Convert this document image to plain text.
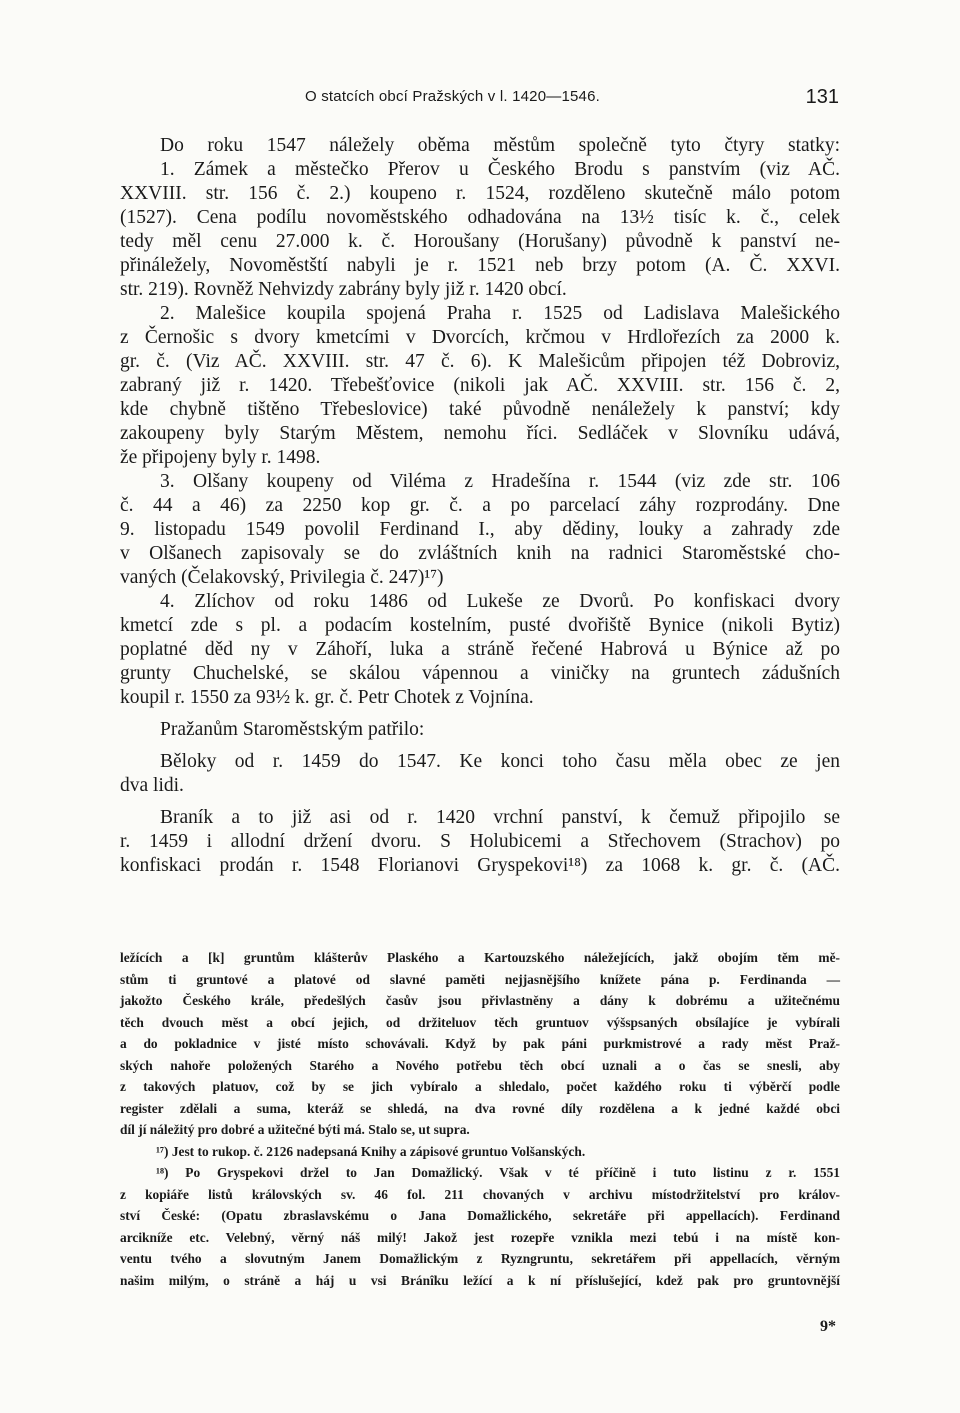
O statcích obcí Pražských v l. 1420—1546.	131
Do roku 1547 náležely oběma městům společně tyto čtyry statky:
1. Zámek a městečko Přerov u Českého Brodu s panstvím (viz AČ.
XXVIII. str. 156 č. 2.) koupeno r. 1524, rozděleno skutečně málo potom
(1527). Cena podílu novoměstského odhadována na 13½ tisíc k. č., celek
tedy měl cenu 27.000 k. č. Horoušany (Horušany) původně k panství ne-
přináležely, Novoměstští nabyli je r. 1521 neb brzy potom (A. Č. XXVI.
str. 219). Rovněž Nehvizdy zabrány byly již r. 1420 obcí.
2. Malešice koupila spojená Praha r. 1525 od Ladislava Malešického
z Černošic s dvory kmetcími v Dvorcích, krčmou v Hrdlořezích za 2000 k.
gr. č. (Viz AČ. XXVIII. str. 47 č. 6). K Malešicům připojen též Dobroviz,
zabraný již r. 1420. Třebešťovice (nikoli jak AČ. XXVIII. str. 156 č. 2,
kde chybně tištěno Třebeslovice) také původně nenáležely k panství; kdy
zakoupeny byly Starým Městem, nemohu říci. Sedláček v Slovníku udává,
že připojeny byly r. 1498.
3. Olšany koupeny od Viléma z Hradešína r. 1544 (viz zde str. 106
č. 44 a 46) za 2250 kop gr. č. a po parcelací záhy rozprodány. Dne
9. listopadu 1549 povolil Ferdinand I., aby dědiny, louky a zahrady zde
v Olšanech zapisovaly se do zvláštních knih na radnici Staroměstské cho-
vaných (Čelakovský, Privilegia č. 247)¹⁷)
4. Zlíchov od roku 1486 od Lukeše ze Dvorů. Po konfiskaci dvory
kmetcí zde s pl. a podacím kostelním, pusté dvořiště Bynice (nikoli Bytiz)
poplatné děd ny v Záhoří, luka a stráně řečené Habrová u Býnice až po
grunty Chuchelské, se skálou vápennou a viničky na gruntech zádušních
koupil r. 1550 za 93½ k. gr. č. Petr Chotek z Vojnína.
Pražanům Staroměstským patřilo:
Běloky od r. 1459 do 1547. Ke konci toho času měla obec ze jen
dva lidi.
Braník a to již asi od r. 1420 vrchní panství, k čemuž připojilo se
r. 1459 i allodní držení dvoru. S Holubicemi a Střechovem (Strachov) po
konfiskaci prodán r. 1548 Florianovi Gryspekovi¹⁸) za 1068 k. gr. č. (AČ.
ležících a [k] gruntům klášterův Plaského a Kartouzského náležejících, jakž obojím těm mě-
stům ti gruntové a platové od slavné paměti nejjasnějšího knížete pána p. Ferdinanda —
jakožto Českého krále, předešlých časův jsou přivlastněny a dány k dobrému a užitečnému
těch dvouch měst a obcí jejich, od držiteluov těch gruntuov výšspsaných obsílajíce je vybírali
a do pokladnice v jisté místo schovávali. Když by pak páni purkmistrové a rady měst Praž-
ských nahoře položených Starého a Nového potřebu těch obcí uznali a o čas se snesli, aby
z takových platuov, což by se jich vybíralo a shledalo, počet každého roku ti výběrčí podle
register zdělali a suma, kteráž se shledá, na dva rovné díly rozdělena a k jedné každé obci
díl jí náležitý pro dobré a užitečné býti má. Stalo se, ut supra.
¹⁷) Jest to rukop. č. 2126 nadepsaná Knihy a zápisové gruntuo Volšanských.
¹⁸) Po Gryspekovi držel to Jan Domažlický. Však v té příčině i tuto listinu z r. 1551
z kopiáře listů královských sv. 46 fol. 211 chovaných v archivu místodržitelství pro králov-
ství České: (Opatu zbraslavskému o Jana Domažlického, sekretáře při appellacích). Ferdinand
arcikníže etc. Velebný, věrný náš milý! Jakož jest rozepře vznikla mezi tebú i na místě kon-
ventu tvého a slovutným Janem Domažlickým z Ryzngruntu, sekretářem při appellacích, věrným
našim milým, o stráně a háj u vsi Bránîku ležící a k ní příslušející, kdež pak pro gruntovnější
9*
